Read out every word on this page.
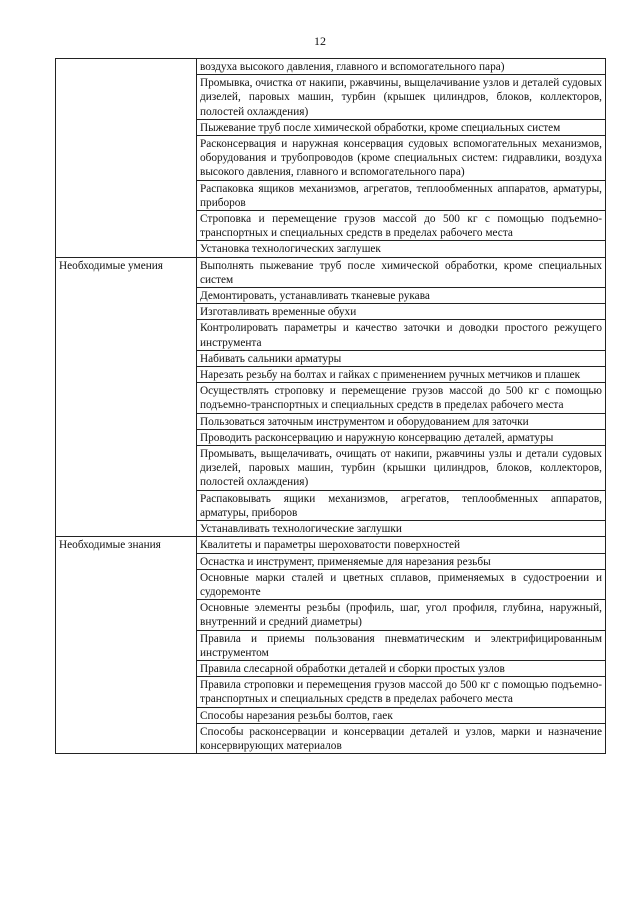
12
	воздуха высокого давления, главного и вспомогательного пара)
	Промывка, очистка от накипи, ржавчины, выщелачивание узлов и деталей судовых дизелей, паровых машин, турбин (крышек цилиндров, блоков, коллекторов, полостей охлаждения)
	Пыжевание труб после химической обработки, кроме специальных систем
	Расконсервация и наружная консервация судовых вспомогательных механизмов, оборудования и трубопроводов (кроме специальных систем: гидравлики, воздуха высокого давления, главного и вспомогательного пара)
	Распаковка ящиков механизмов, агрегатов, теплообменных аппаратов, арматуры, приборов
	Строповка и перемещение грузов массой до 500 кг с помощью подъемно-транспортных и специальных средств в пределах рабочего места
	Установка технологических заглушек
Необходимые умения	Выполнять пыжевание труб после химической обработки, кроме специальных систем
	Демонтировать, устанавливать тканевые рукава
	Изготавливать временные обухи
	Контролировать параметры и качество заточки и доводки простого режущего инструмента
	Набивать сальники арматуры
	Нарезать резьбу на болтах и гайках с применением ручных метчиков и плашек
	Осуществлять строповку и перемещение грузов массой до 500 кг с помощью подъемно-транспортных и специальных средств в пределах рабочего места
	Пользоваться заточным инструментом и оборудованием для заточки
	Проводить расконсервацию и наружную консервацию деталей, арматуры
	Промывать, выщелачивать, очищать от накипи, ржавчины узлы и детали судовых дизелей, паровых машин, турбин (крышки цилиндров, блоков, коллекторов, полостей охлаждения)
	Распаковывать ящики механизмов, агрегатов, теплообменных аппаратов, арматуры, приборов
	Устанавливать технологические заглушки
Необходимые знания	Квалитеты и параметры шероховатости поверхностей
	Оснастка и инструмент, применяемые для нарезания резьбы
	Основные марки сталей и цветных сплавов, применяемых в судостроении и судоремонте
	Основные элементы резьбы (профиль, шаг, угол профиля, глубина, наружный, внутренний и средний диаметры)
	Правила и приемы пользования пневматическим и электрифицированным инструментом
	Правила слесарной обработки деталей и сборки простых узлов
	Правила строповки и перемещения грузов массой до 500 кг с помощью подъемно-транспортных и специальных средств в пределах рабочего места
	Способы нарезания резьбы болтов, гаек
	Способы расконсервации и консервации деталей и узлов, марки и назначение консервирующих материалов
